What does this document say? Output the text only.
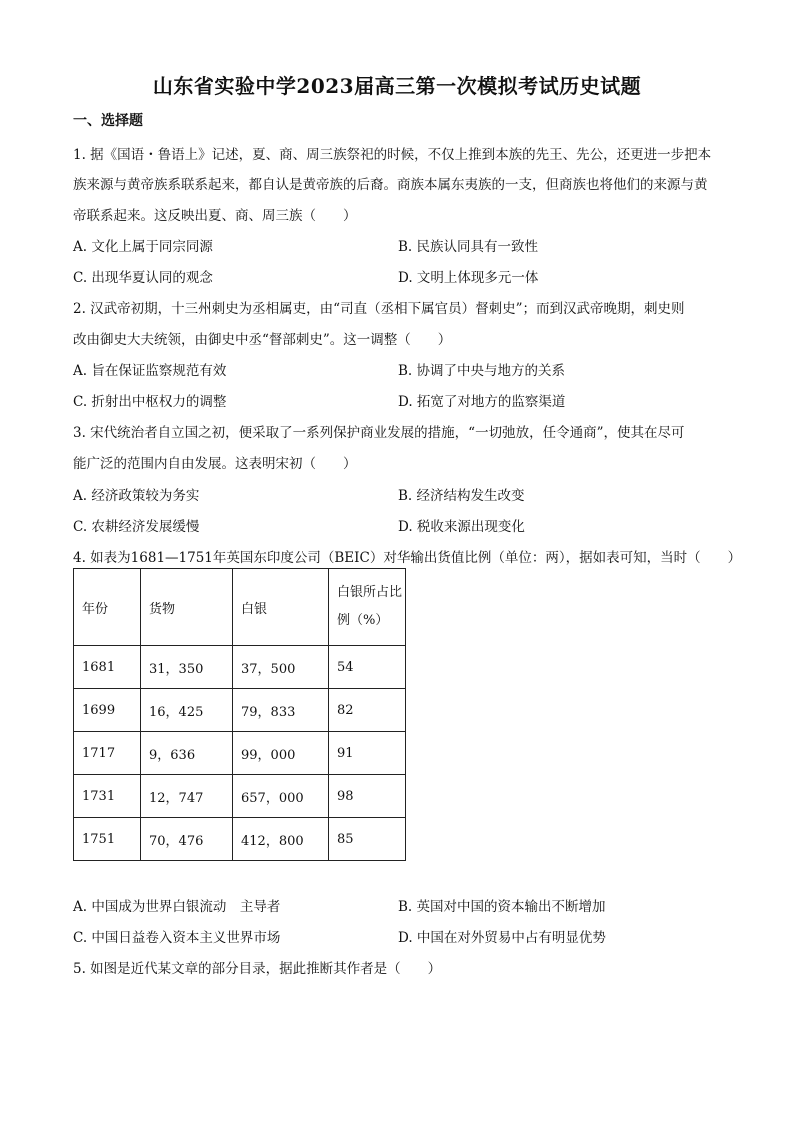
山东省实验中学2023届高三第一次模拟考试历史试题
一、选择题
1. 据《国语・鲁语上》记述，夏、商、周三族祭祀的时候，不仅上推到本族的先王、先公，还更进一步把本
族来源与黄帝族系联系起来，都自认是黄帝族的后裔。商族本属东夷族的一支，但商族也将他们的来源与黄
帝联系起来。这反映出夏、商、周三族（　　）
A. 文化上属于同宗同源	B. 民族认同具有一致性
C. 出现华夏认同的观念	D. 文明上体现多元一体
2. 汉武帝初期，十三州刺史为丞相属吏，由“司直（丞相下属官员）督刺史”；而到汉武帝晚期，刺史则
改由御史大夫统领，由御史中丞“督部刺史”。这一调整（　　）
A. 旨在保证监察规范有效	B. 协调了中央与地方的关系
C. 折射出中枢权力的调整	D. 拓宽了对地方的监察渠道
3. 宋代统治者自立国之初，便采取了一系列保护商业发展的措施，“一切弛放，任令通商”，使其在尽可
能广泛的范围内自由发展。这表明宋初（　　）
A. 经济政策较为务实	B. 经济结构发生改变
C. 农耕经济发展缓慢	D. 税收来源出现变化
4. 如表为1681—1751年英国东印度公司（BEIC）对华输出货值比例（单位：两），据如表可知，当时（　　）
年份	货物	白银	白银所占比例（%）
1681	31，350	37，500	54
1699	16，425	79，833	82
1717	9，636	99，000	91
1731	12，747	657，000	98
1751	70，476	412，800	85
A. 中国成为世界白银流动　主导者	B. 英国对中国的资本输出不断增加
C. 中国日益卷入资本主义世界市场	D. 中国在对外贸易中占有明显优势
5. 如图是近代某文章的部分目录，据此推断其作者是（　　）
